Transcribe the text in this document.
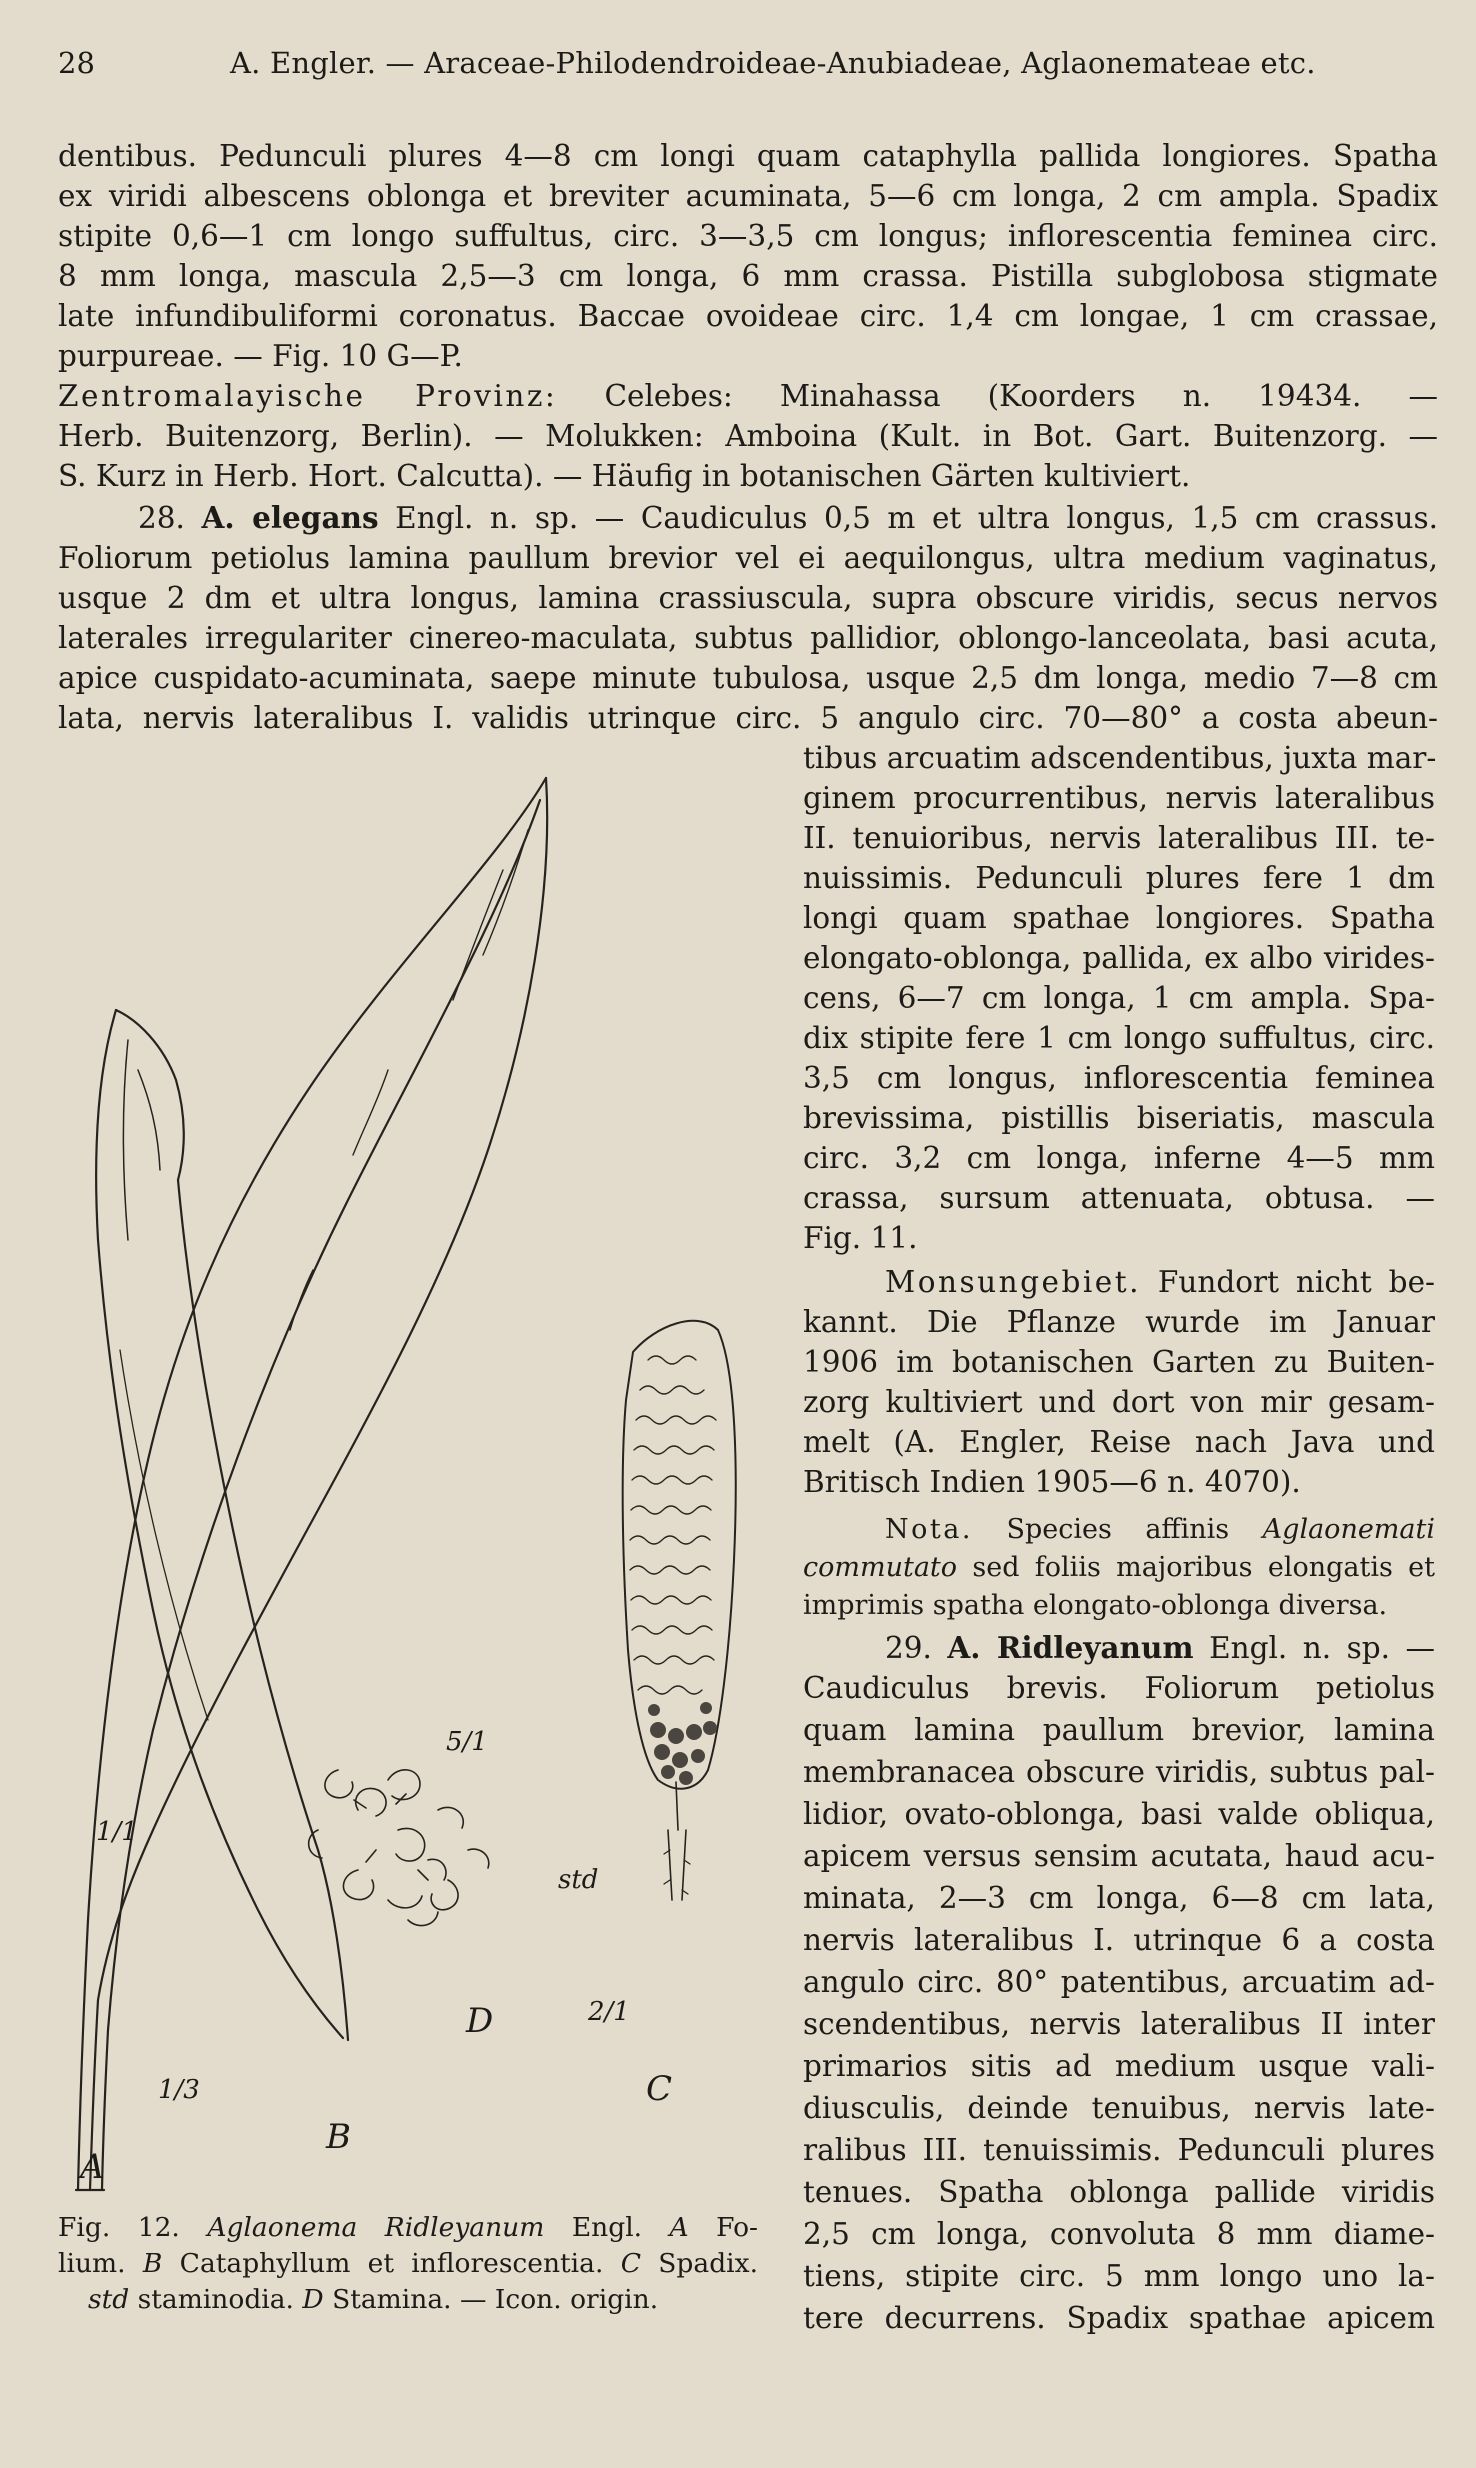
28	A. Engler. — Araceae-Philodendroideae-Anubiadeae, Aglaonemateae etc.
dentibus. Pedunculi plures 4—8 cm longi quam cataphylla pallida longiores. Spatha
ex viridi albescens oblonga et breviter acuminata, 5—6 cm longa, 2 cm ampla. Spadix
stipite 0,6—1 cm longo suffultus, circ. 3—3,5 cm longus; inflorescentia feminea circ.
8 mm longa, mascula 2,5—3 cm longa, 6 mm crassa. Pistilla subglobosa stigmate
late infundibuliformi coronatus. Baccae ovoideae circ. 1,4 cm longae, 1 cm crassae,
purpureae. — Fig. 10 G—P.
Zentromalayische Provinz: Celebes: Minahassa (Koorders n. 19434. —
Herb. Buitenzorg, Berlin). — Molukken: Amboina (Kult. in Bot. Gart. Buitenzorg. —
S. Kurz in Herb. Hort. Calcutta). — Häufig in botanischen Gärten kultiviert.
28. A. elegans Engl. n. sp. — Caudiculus 0,5 m et ultra longus, 1,5 cm crassus.
Foliorum petiolus lamina paullum brevior vel ei aequilongus, ultra medium vaginatus,
usque 2 dm et ultra longus, lamina crassiuscula, supra obscure viridis, secus nervos
laterales irregulariter cinereo-maculata, subtus pallidior, oblongo-lanceolata, basi acuta,
apice cuspidato-acuminata, saepe minute tubulosa, usque 2,5 dm longa, medio 7—8 cm
lata, nervis lateralibus I. validis utrinque circ. 5 angulo circ. 70—80° a costa abeun-
tibus arcuatim adscendentibus, juxta mar-
ginem procurrentibus, nervis lateralibus
II. tenuioribus, nervis lateralibus III. te-
nuissimis. Pedunculi plures fere 1 dm
longi quam spathae longiores. Spatha
elongato-oblonga, pallida, ex albo virides-
cens, 6—7 cm longa, 1 cm ampla. Spa-
dix stipite fere 1 cm longo suffultus, circ.
3,5 cm longus, inflorescentia feminea
brevissima, pistillis biseriatis, mascula
circ. 3,2 cm longa, inferne 4—5 mm
crassa, sursum attenuata, obtusa. —
Fig. 11.
Monsungebiet. Fundort nicht be-
kannt. Die Pflanze wurde im Januar
1906 im botanischen Garten zu Buiten-
zorg kultiviert und dort von mir gesam-
melt (A. Engler, Reise nach Java und
Britisch Indien 1905—6 n. 4070).
Nota. Species affinis Aglaonemati
commutato sed foliis majoribus elongatis et
imprimis spatha elongato-oblonga diversa.
29. A. Ridleyanum Engl. n. sp. —
Caudiculus brevis. Foliorum petiolus
quam lamina paullum brevior, lamina
membranacea obscure viridis, subtus pal-
lidior, ovato-oblonga, basi valde obliqua,
apicem versus sensim acutata, haud acu-
minata, 2—3 cm longa, 6—8 cm lata,
nervis lateralibus I. utrinque 6 a costa
angulo circ. 80° patentibus, arcuatim ad-
scendentibus, nervis lateralibus II inter
primarios sitis ad medium usque vali-
diusculis, deinde tenuibus, nervis late-
ralibus III. tenuissimis. Pedunculi plures
tenues. Spatha oblonga pallide viridis
2,5 cm longa, convoluta 8 mm diame-
tiens, stipite circ. 5 mm longo uno la-
tere decurrens. Spadix spathae apicem
A
B
C
D
1/1
1/3
5/1
2/1
std
Fig. 12. Aglaonema Ridleyanum Engl. A Fo-
lium. B Cataphyllum et inflorescentia. C Spadix.
std staminodia. D Stamina. — Icon. origin.
